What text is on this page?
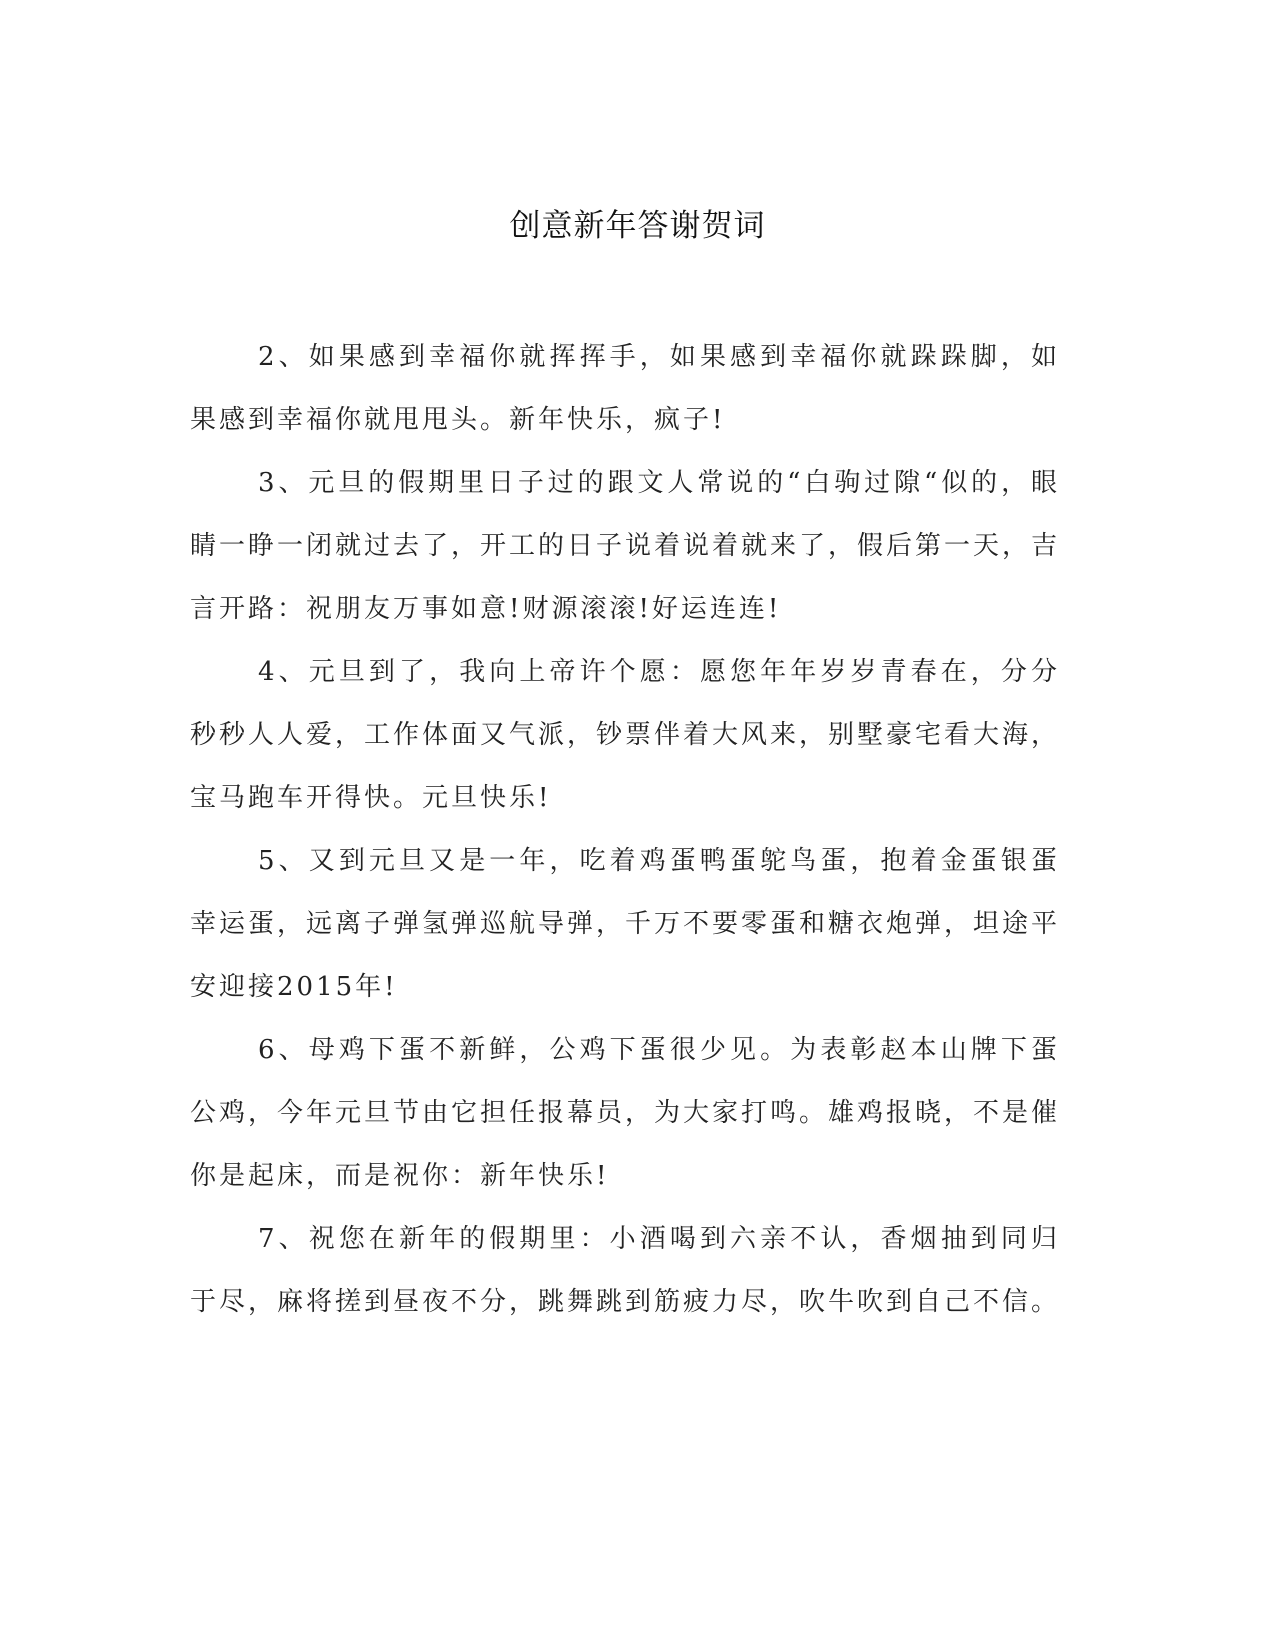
创意新年答谢贺词

2、如果感到幸福你就挥挥手，如果感到幸福你就跺跺脚，如果感到幸福你就甩甩头。新年快乐，疯子!

3、元旦的假期里日子过的跟文人常说的“白驹过隙“似的，眼睛一睁一闭就过去了，开工的日子说着说着就来了，假后第一天，吉言开路：祝朋友万事如意!财源滚滚!好运连连!

4、元旦到了，我向上帝许个愿：愿您年年岁岁青春在，分分秒秒人人爱，工作体面又气派，钞票伴着大风来，别墅豪宅看大海，宝马跑车开得快。元旦快乐!

5、又到元旦又是一年，吃着鸡蛋鸭蛋鸵鸟蛋，抱着金蛋银蛋幸运蛋，远离子弹氢弹巡航导弹，千万不要零蛋和糖衣炮弹，坦途平安迎接2015年!

6、母鸡下蛋不新鲜，公鸡下蛋很少见。为表彰赵本山牌下蛋公鸡，今年元旦节由它担任报幕员，为大家打鸣。雄鸡报晓，不是催你是起床，而是祝你：新年快乐!

7、祝您在新年的假期里：小酒喝到六亲不认，香烟抽到同归于尽，麻将搓到昼夜不分，跳舞跳到筋疲力尽，吹牛吹到自己不信。
